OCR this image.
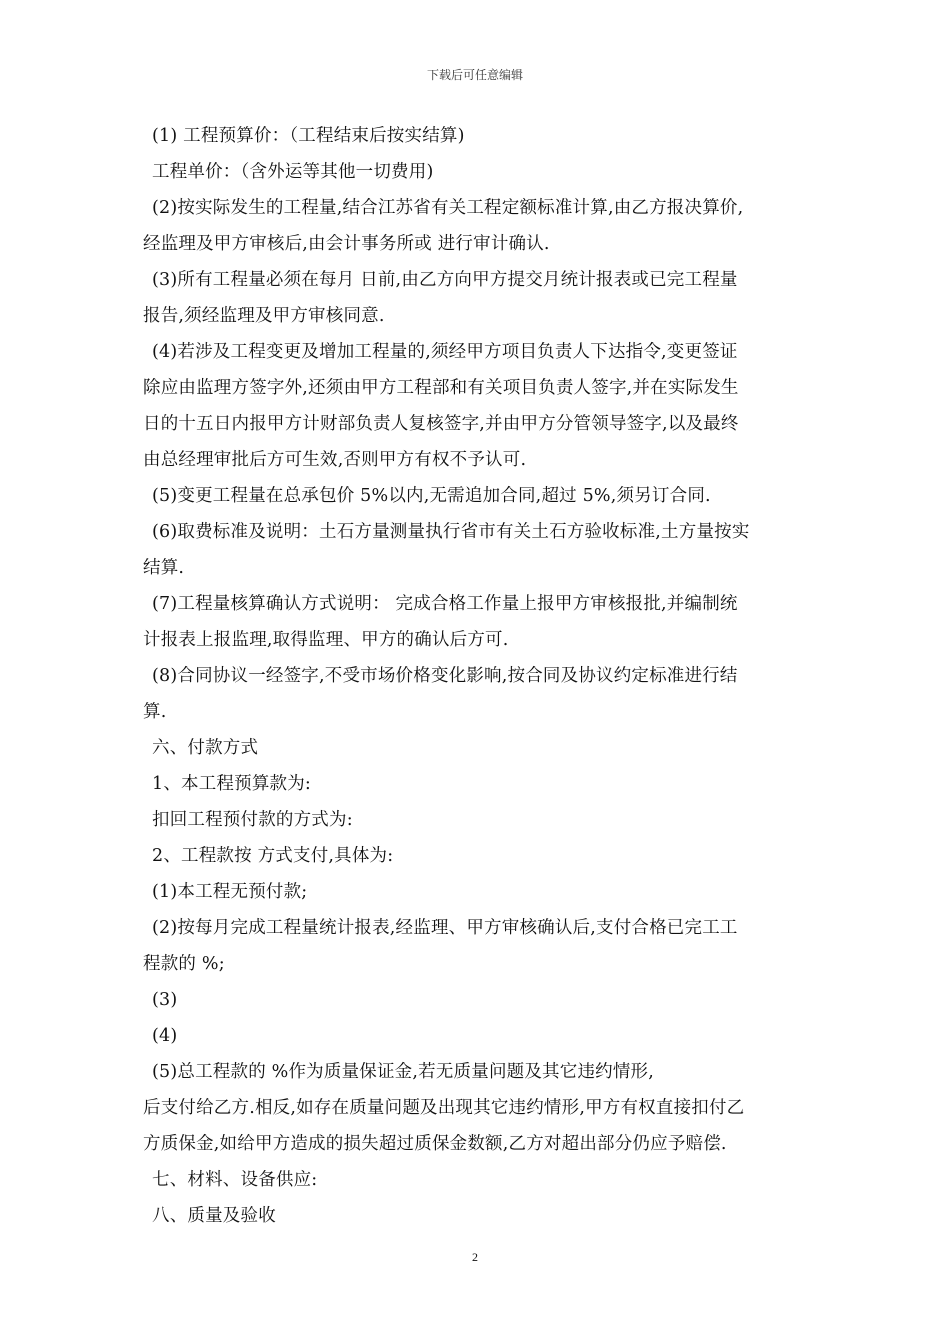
下载后可任意编辑
(1) 工程预算价：（工程结束后按实结算)
工程单价：（含外运等其他一切费用)
(2)按实际发生的工程量,结合江苏省有关工程定额标准计算,由乙方报决算价,
经监理及甲方审核后,由会计事务所或 进行审计确认.
(3)所有工程量必须在每月 日前,由乙方向甲方提交月统计报表或已完工程量
报告,须经监理及甲方审核同意.
(4)若涉及工程变更及增加工程量的,须经甲方项目负责人下达指令,变更签证
除应由监理方签字外,还须由甲方工程部和有关项目负责人签字,并在实际发生
日的十五日内报甲方计财部负责人复核签字,并由甲方分管领导签字,以及最终
由总经理审批后方可生效,否则甲方有权不予认可.
(5)变更工程量在总承包价 5%以内,无需追加合同,超过 5%,须另订合同.
(6)取费标准及说明：土石方量测量执行省市有关土石方验收标准,土方量按实
结算.
(7)工程量核算确认方式说明： 完成合格工作量上报甲方审核报批,并编制统
计报表上报监理,取得监理、甲方的确认后方可.
(8)合同协议一经签字,不受市场价格变化影响,按合同及协议约定标准进行结
算.
六、付款方式
1、本工程预算款为:
扣回工程预付款的方式为:
2、工程款按 方式支付,具体为:
(1)本工程无预付款;
(2)按每月完成工程量统计报表,经监理、甲方审核确认后,支付合格已完工工
程款的 %;
(3)
(4)
(5)总工程款的 %作为质量保证金,若无质量问题及其它违约情形,
后支付给乙方.相反,如存在质量问题及出现其它违约情形,甲方有权直接扣付乙
方质保金,如给甲方造成的损失超过质保金数额,乙方对超出部分仍应予赔偿.
七、材料、设备供应:
八、质量及验收
2
